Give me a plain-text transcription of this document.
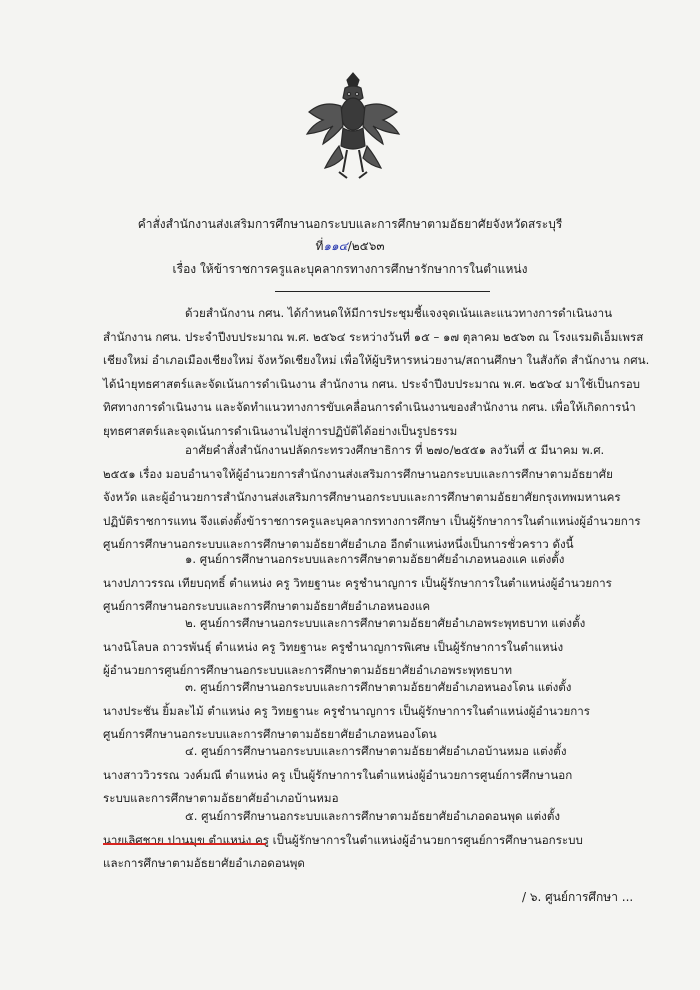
คำสั่งสำนักงานส่งเสริมการศึกษานอกระบบและการศึกษาตามอัธยาศัยจังหวัดสระบุรี
ที่๑๑๔/๒๕๖๓
เรื่อง ให้ข้าราชการครูและบุคลากรทางการศึกษารักษาการในตำแหน่ง
ด้วยสำนักงาน กศน. ได้กำหนดให้มีการประชุมชี้แจงจุดเน้นและแนวทางการดำเนินงาน
สำนักงาน กศน. ประจำปีงบประมาณ พ.ศ. ๒๕๖๔ ระหว่างวันที่ ๑๕ – ๑๗ ตุลาคม ๒๕๖๓ ณ โรงแรมดิเอ็มเพรส
เชียงใหม่ อำเภอเมืองเชียงใหม่ จังหวัดเชียงใหม่ เพื่อให้ผู้บริหารหน่วยงาน/สถานศึกษา ในสังกัด สำนักงาน กศน.
ได้นำยุทธศาสตร์และจัดเน้นการดำเนินงาน สำนักงาน กศน. ประจำปีงบประมาณ พ.ศ. ๒๕๖๔ มาใช้เป็นกรอบ
ทิศทางการดำเนินงาน และจัดทำแนวทางการขับเคลื่อนการดำเนินงานของสำนักงาน กศน. เพื่อให้เกิดการนำ
ยุทธศาสตร์และจุดเน้นการดำเนินงานไปสู่การปฏิบัติได้อย่างเป็นรูปธรรม
อาศัยคำสั่งสำนักงานปลัดกระทรวงศึกษาธิการ ที่ ๒๗๐/๒๕๕๑ ลงวันที่ ๕ มีนาคม พ.ศ.
๒๕๕๑ เรื่อง มอบอำนาจให้ผู้อำนวยการสำนักงานส่งเสริมการศึกษานอกระบบและการศึกษาตามอัธยาศัย
จังหวัด และผู้อำนวยการสำนักงานส่งเสริมการศึกษานอกระบบและการศึกษาตามอัธยาศัยกรุงเทพมหานคร
ปฏิบัติราชการแทน จึงแต่งตั้งข้าราชการครูและบุคลากรทางการศึกษา เป็นผู้รักษาการในตำแหน่งผู้อำนวยการ
ศูนย์การศึกษานอกระบบและการศึกษาตามอัธยาศัยอำเภอ อีกตำแหน่งหนึ่งเป็นการชั่วคราว ดังนี้
๑. ศูนย์การศึกษานอกระบบและการศึกษาตามอัธยาศัยอำเภอหนองแค แต่งตั้ง
นางปภาวรรณ เทียบฤทธิ์ ตำแหน่ง ครู วิทยฐานะ ครูชำนาญการ เป็นผู้รักษาการในตำแหน่งผู้อำนวยการ
ศูนย์การศึกษานอกระบบและการศึกษาตามอัธยาศัยอำเภอหนองแค
๒. ศูนย์การศึกษานอกระบบและการศึกษาตามอัธยาศัยอำเภอพระพุทธบาท แต่งตั้ง
นางนิโลบล ถาวรพันธุ์ ตำแหน่ง ครู วิทยฐานะ ครูชำนาญการพิเศษ เป็นผู้รักษาการในตำแหน่ง
ผู้อำนวยการศูนย์การศึกษานอกระบบและการศึกษาตามอัธยาศัยอำเภอพระพุทธบาท
๓. ศูนย์การศึกษานอกระบบและการศึกษาตามอัธยาศัยอำเภอหนองโดน แต่งตั้ง
นางประชัน ยิ้มละไม้ ตำแหน่ง ครู วิทยฐานะ ครูชำนาญการ เป็นผู้รักษาการในตำแหน่งผู้อำนวยการ
ศูนย์การศึกษานอกระบบและการศึกษาตามอัธยาศัยอำเภอหนองโดน
๔. ศูนย์การศึกษานอกระบบและการศึกษาตามอัธยาศัยอำเภอบ้านหมอ แต่งตั้ง
นางสาววิวรรณ วงค์มณี ตำแหน่ง ครู เป็นผู้รักษาการในตำแหน่งผู้อำนวยการศูนย์การศึกษานอก
ระบบและการศึกษาตามอัธยาศัยอำเภอบ้านหมอ
๕. ศูนย์การศึกษานอกระบบและการศึกษาตามอัธยาศัยอำเภอดอนพุด แต่งตั้ง
นายเลิศชาย ปานมุข ตำแหน่ง ครู เป็นผู้รักษาการในตำแหน่งผู้อำนวยการศูนย์การศึกษานอกระบบ
และการศึกษาตามอัธยาศัยอำเภอดอนพุด
/ ๖. ศูนย์การศึกษา ...
